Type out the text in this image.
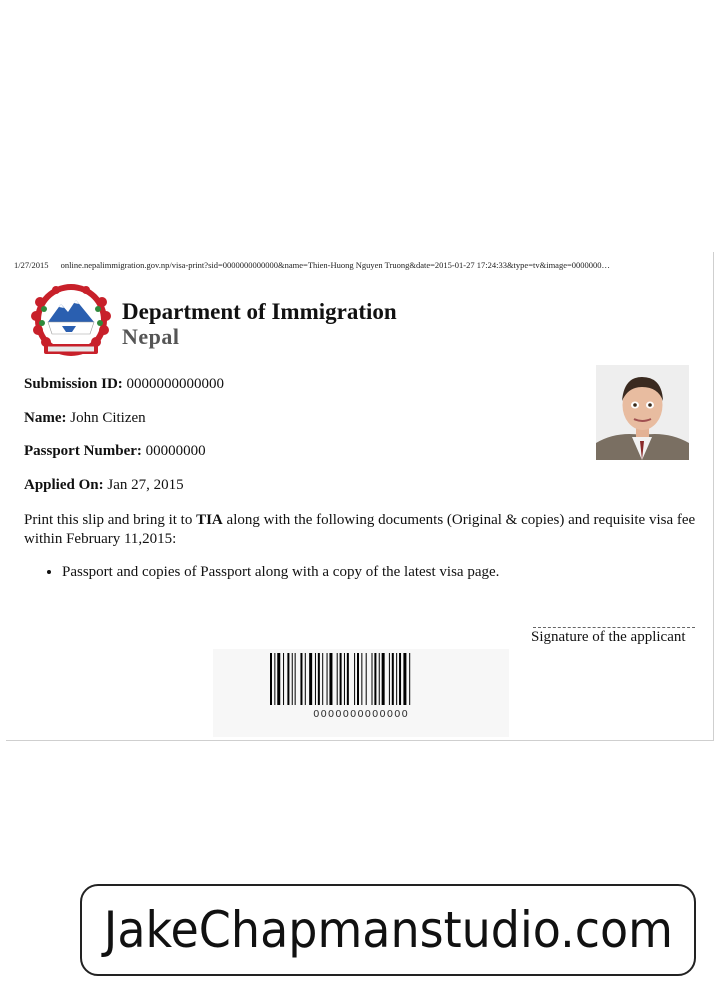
1/27/2015 online.nepalimmigration.gov.np/visa-print?sid=0000000000000&name=Thien-Huong Nguyen Truong&date=2015-01-27 17:24:33&type=tv&image=0000000…
Department of Immigration
Nepal
Submission ID: 0000000000000
Name: John Citizen
Passport Number: 00000000
Applied On: Jan 27, 2015
Print this slip and bring it to TIA along with the following documents (Original & copies) and requisite visa fee within February 11,2015:
• Passport and copies of Passport along with a copy of the latest visa page.
Signature of the applicant
0000000000000
JakeChapmanstudio.com
